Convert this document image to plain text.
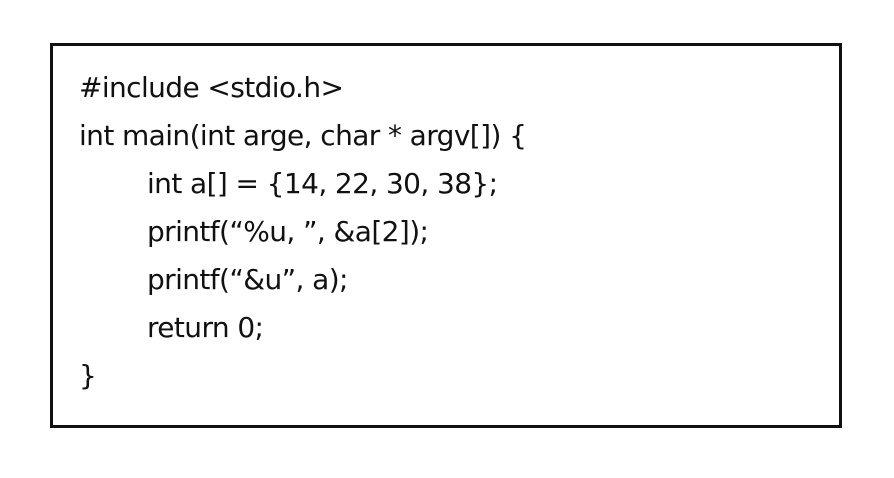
#include <stdio.h>
int main(int arge, char * argv[]) {
int a[] = {14, 22, 30, 38};
printf(“%u, ”, &a[2]);
printf(“&u”, a);
return 0;
}
